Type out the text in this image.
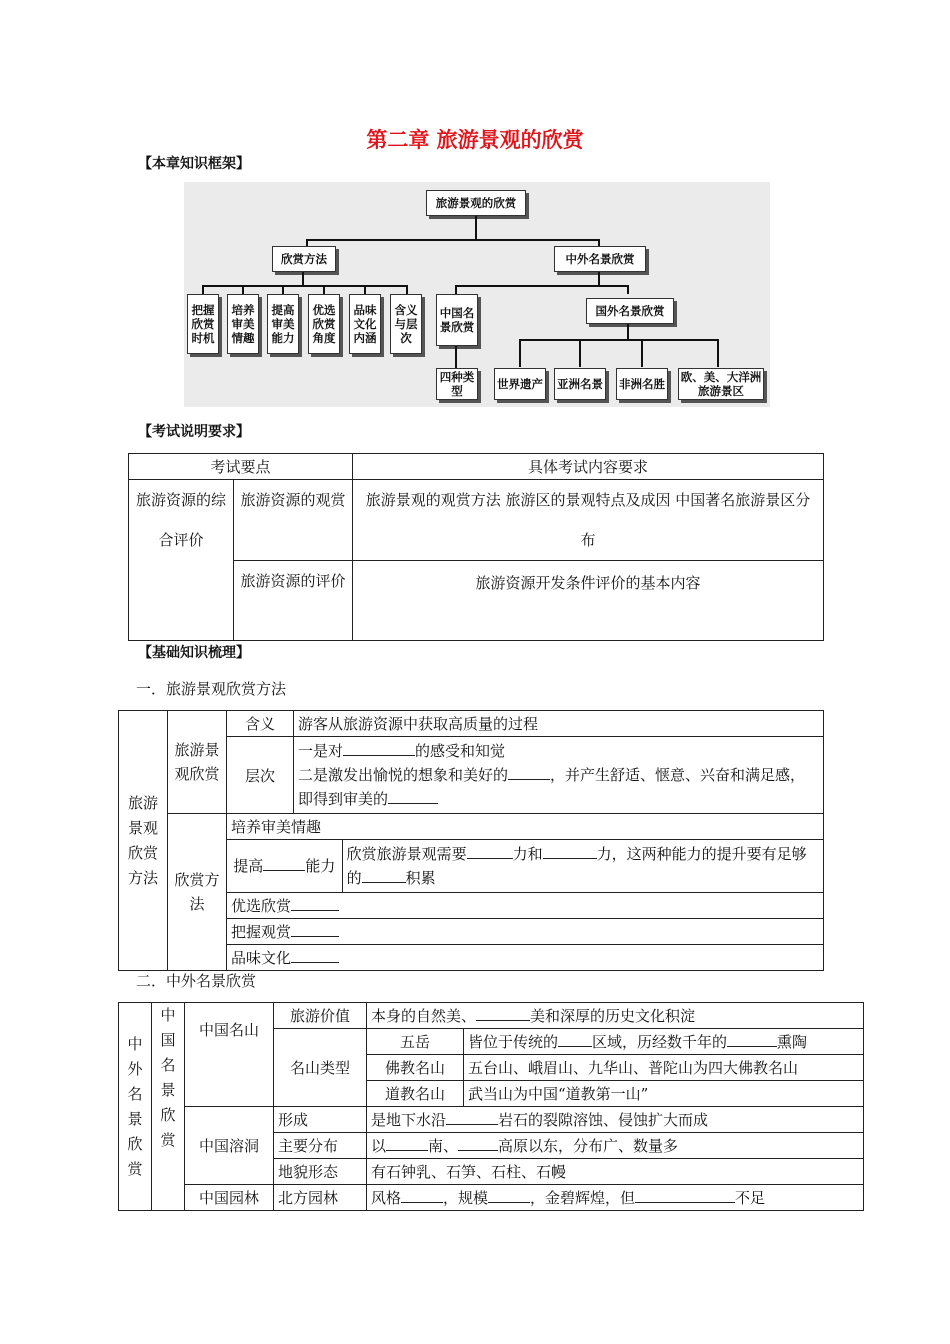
第二章 旅游景观的欣赏
【本章知识框架】
旅游景观的欣赏
欣赏方法	中外名景欣赏
把握欣赏时机
培养审美情趣
提高审美能力
优选欣赏角度
品味文化内涵
含义与层次
中国名景欣赏
国外名景欣赏
四种类型	世界遗产 亚洲名景 非洲名胜 欧、美、大洋洲旅游景区
【考试说明要求】
考试要点		具体考试内容要求
旅游资源的综合评价	旅游资源的观赏	旅游景观的观赏方法 旅游区的景观特点及成因 中国著名旅游景区分布
	旅游资源的评价	旅游资源开发条件评价的基本内容
【基础知识梳理】
一．旅游景观欣赏方法
旅游景观欣赏方法	旅游景观欣赏	含义	游客从旅游资源中获取高质量的过程	
		层次	一是对 的感受和知觉
二是激发出愉悦的想象和美好的 ，并产生舒适、惬意、兴奋和满足感，即得到审美的	
	欣赏方法	培养审美情趣		
		提高 能力		欣赏旅游景观需要 力和 力，这两种能力的提升要有足够的 积累
		优选欣赏		
		把握观赏		
		品味文化		
二．中外名景欣赏
中外名景欣赏	中国名景欣赏	中国名山	旅游价值	本身的自然美、 美和深厚的历史文化积淀	
			名山类型	五岳	皆位于传统的 区域，历经数千年的 熏陶
				佛教名山	五台山、峨眉山、九华山、普陀山为四大佛教名山
				道教名山	武当山为中国“道教第一山”
		中国溶洞	形成	是地下水沿 岩石的裂隙溶蚀、侵蚀扩大而成	
			主要分布	以 南、 高原以东，分布广、数量多	
			地貌形态	有石钟乳、石笋、石柱、石幔	
		中国园林	北方园林	风格 ，规模 ，金碧辉煌，但 不足	
